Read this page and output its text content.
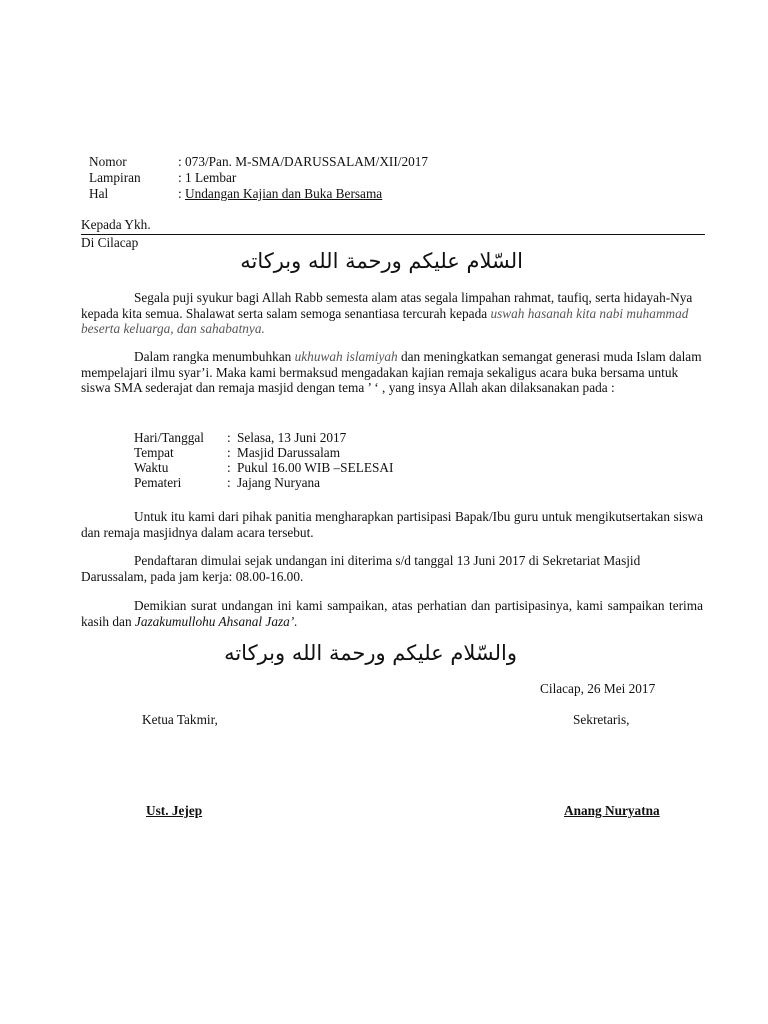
Nomor	: 073/Pan. M-SMA/DARUSSALAM/XII/2017
Lampiran	: 1 Lembar
Hal	: Undangan Kajian dan Buka Bersama
Kepada Ykh.
Di Cilacap
السّلام عليكم ورحمة الله وبركاته
Segala puji syukur bagi Allah Rabb semesta alam atas segala limpahan rahmat, taufiq, serta hidayah-Nya kepada kita semua. Shalawat serta salam semoga senantiasa tercurah kepada uswah hasanah kita nabi muhammad beserta keluarga, dan sahabatnya.
Dalam rangka menumbuhkan ukhuwah islamiyah dan meningkatkan semangat generasi muda Islam dalam mempelajari ilmu syar’i. Maka kami bermaksud mengadakan kajian remaja sekaligus acara buka bersama untuk siswa SMA sederajat dan remaja masjid dengan tema ’ ‘ , yang insya Allah akan dilaksanakan pada :
Hari/Tanggal : Selasa, 13 Juni 2017
Tempat	: Masjid Darussalam
Waktu	: Pukul 16.00 WIB –SELESAI
Pemateri	: Jajang Nuryana
Untuk itu kami dari pihak panitia mengharapkan partisipasi Bapak/Ibu guru untuk mengikutsertakan siswa dan remaja masjidnya dalam acara tersebut.
Pendaftaran dimulai sejak undangan ini diterima s/d tanggal 13 Juni 2017 di Sekretariat Masjid Darussalam, pada jam kerja: 08.00-16.00.
Demikian surat undangan ini kami sampaikan, atas perhatian dan partisipasinya, kami sampaikan terima kasih dan Jazakumullohu Ahsanal Jaza’.
والسّلام عليكم ورحمة الله وبركاته
Cilacap, 26 Mei 2017
Ketua Takmir,	Sekretaris,
Ust. Jejep	Anang Nuryatna
